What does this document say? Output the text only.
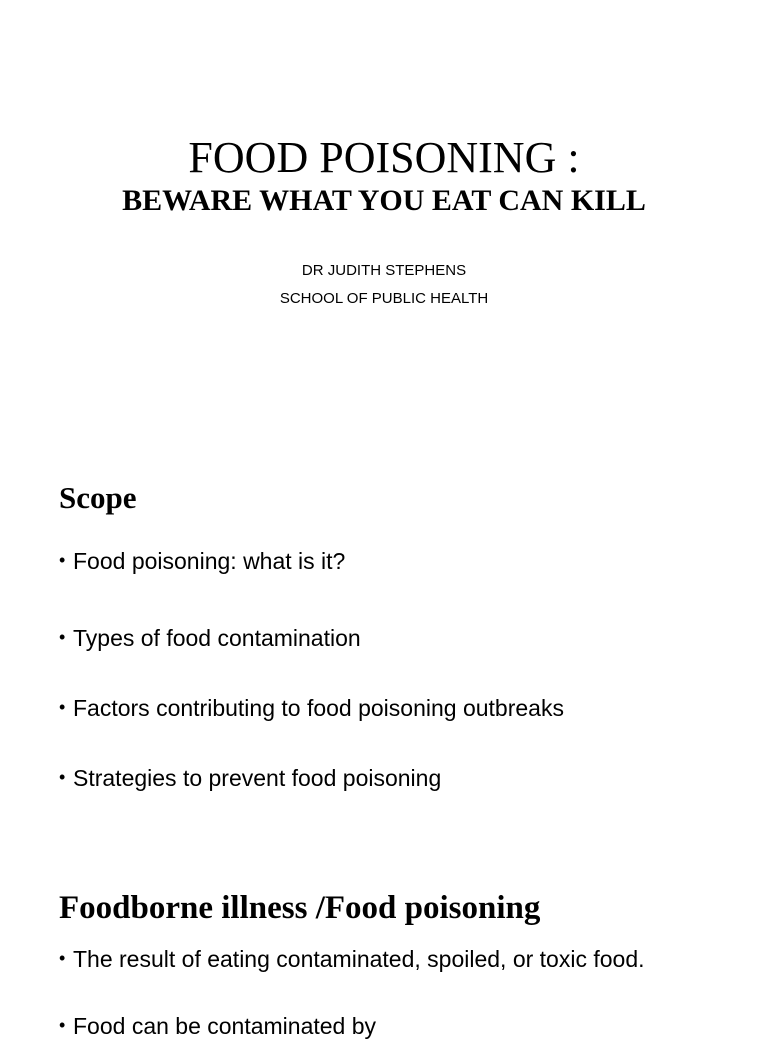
FOOD POISONING :
BEWARE WHAT YOU EAT CAN KILL
DR JUDITH STEPHENS
SCHOOL OF PUBLIC HEALTH
Scope
• Food poisoning: what is it?
• Types of food contamination
• Factors contributing to food poisoning outbreaks
• Strategies to prevent food poisoning
Foodborne illness /Food poisoning
• The result of eating contaminated, spoiled, or toxic food.
• Food can be contaminated by
